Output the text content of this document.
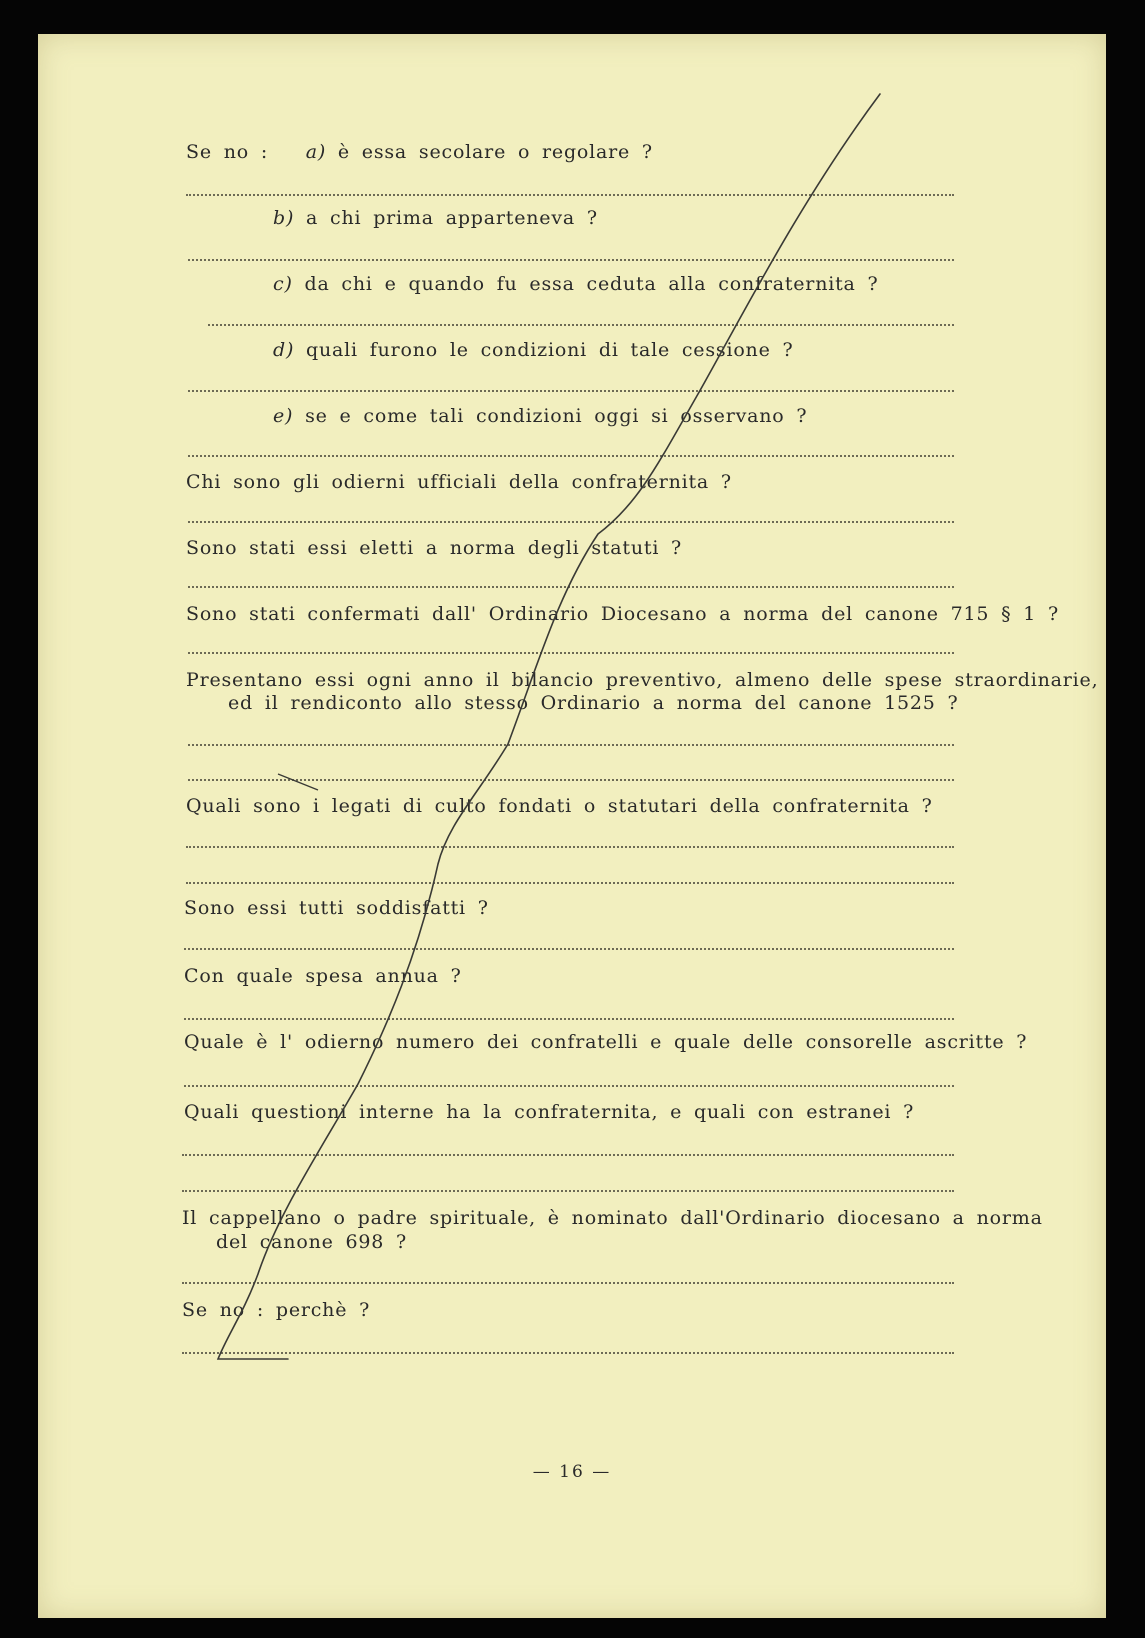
Se no : a) è essa secolare o regolare ?
b) a chi prima apparteneva ?
c) da chi e quando fu essa ceduta alla confraternita ?
d) quali furono le condizioni di tale cessione ?
e) se e come tali condizioni oggi si osservano ?
Chi sono gli odierni ufficiali della confraternita ?
Sono stati essi eletti a norma degli statuti ?
Sono stati confermati dall' Ordinario Diocesano a norma del canone 715 § 1 ?
Presentano essi ogni anno il bilancio preventivo, almeno delle spese straordinarie,
ed il rendiconto allo stesso Ordinario a norma del canone 1525 ?
Quali sono i legati di culto fondati o statutari della confraternita ?
Sono essi tutti soddisfatti ?
Con quale spesa annua ?
Quale è l' odierno numero dei confratelli e quale delle consorelle ascritte ?
Quali questioni interne ha la confraternita, e quali con estranei ?
Il cappellano o padre spirituale, è nominato dall'Ordinario diocesano a norma
del canone 698 ?
Se no : perchè ?
— 16 —
